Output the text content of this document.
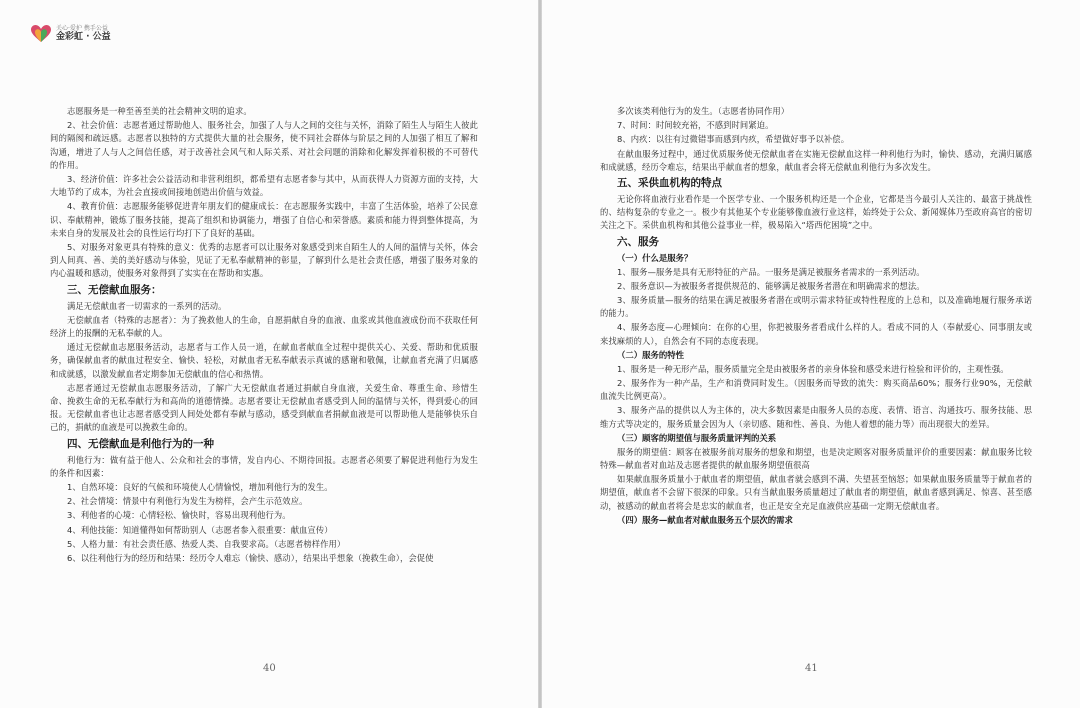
关心·爱护 携手公益
金彩虹 · 公益

志愿服务是一种至善至美的社会精神文明的追求。

2、社会价值：志愿者通过帮助他人、服务社会，加强了人与人之间的交往与关怀，消除了陌生人与陌生人彼此间的隔阂和疏远感。志愿者以独特的方式提供大量的社会服务，使不同社会群体与阶层之间的人加强了相互了解和沟通，增进了人与人之间信任感，对于改善社会风气和人际关系、对社会问题的消除和化解发挥着积极的不可替代的作用。

3、经济价值：许多社会公益活动和非营利组织，都希望有志愿者参与其中，从而获得人力资源方面的支持，大大地节约了成本，为社会直接或间接地创造出价值与效益。

4、教育价值：志愿服务能够促进青年朋友们的健康成长：在志愿服务实践中，丰富了生活体验，培养了公民意识、奉献精神，锻炼了服务技能，提高了组织和协调能力，增强了自信心和荣誉感。素质和能力得到整体提高，为未来自身的发展及社会的良性运行均打下了良好的基础。

5、对服务对象更具有特殊的意义：优秀的志愿者可以让服务对象感受到来自陌生人的人间的温情与关怀，体会到人间真、善、美的美好感动与体验，见证了无私奉献精神的彰显，了解到什么是社会责任感，增强了服务对象的内心温暖和感动，使服务对象得到了实实在在帮助和实惠。

三、无偿献血服务：

满足无偿献血者一切需求的一系列的活动。

无偿献血者（特殊的志愿者）：为了挽救他人的生命，自愿捐献自身的血液、血浆或其他血液成份而不获取任何经济上的报酬的无私奉献的人。

通过无偿献血志愿服务活动，志愿者与工作人员一道，在献血者献血全过程中提供关心、关爱、帮助和优质服务，确保献血者的献血过程安全、愉快、轻松，对献血者无私奉献表示真诚的感谢和敬佩，让献血者充满了归属感和成就感，以激发献血者定期参加无偿献血的信心和热情。

志愿者通过无偿献血志愿服务活动，了解广大无偿献血者通过捐献自身血液，关爱生命、尊重生命、珍惜生命、挽救生命的无私奉献行为和高尚的道德情操。志愿者要让无偿献血者感受到人间的温情与关怀，得到爱心的回报。无偿献血者也让志愿者感受到人间处处都有奉献与感动，感受到献血者捐献血液是可以帮助他人是能够快乐自己的，捐献的血液是可以挽救生命的。

四、无偿献血是利他行为的一种

利他行为：做有益于他人、公众和社会的事情，发自内心、不期待回报。志愿者必须要了解促进利他行为发生的条件和因素：

1、自然环境：良好的气候和环境使人心情愉悦，增加利他行为的发生。

2、社会情境：情景中有利他行为发生为榜样，会产生示范效应。

3、利他者的心境：心情轻松、愉快时，容易出现利他行为。

4、利他技能：知道懂得如何帮助别人（志愿者参入很重要：献血宣传）

5、人格力量：有社会责任感、热爱人类、自我要求高。（志愿者榜样作用）

6、以往利他行为的经历和结果：经历令人难忘（愉快、感动），结果出乎想象（挽救生命），会促使

40

多次该类利他行为的发生。（志愿者协同作用）

7、时间：时间较充裕，不感到时间紧迫。

8、内疚：以往有过微错事而感到内疚，希望做好事予以补偿。

在献血服务过程中，通过优质服务使无偿献血者在实施无偿献血这样一种利他行为时，愉快、感动，充满归属感和成就感，经历令难忘，结果出乎献血者的想象，献血者会将无偿献血利他行为多次发生。

五、采供血机构的特点

无论你将血液行业看作是一个医学专业、一个服务机构还是一个企业，它都是当今最引人关注的、最富于挑战性的、结构复杂的专业之一。极少有其他某个专业能够像血液行业这样，始终处于公众、新闻媒体乃至政府高官的密切关注之下。采供血机构和其他公益事业一样，极易陷入“塔西佗困境”之中。

六、服务
（一）什么是服务？

1、服务—服务是具有无形特征的产品。一服务是满足被服务者需求的一系列活动。

2、服务意识—为被服务者提供规范的、能够满足被服务者潜在和明确需求的想法。

3、服务质量—服务的结果在满足被服务者潜在或明示需求特征或特性程度的上总和，以及准确地履行服务承诺的能力。

4、服务态度—心理倾向：在你的心里，你把被服务者看成什么样的人。看成不同的人（奉献爱心、同事朋友或来找麻烦的人），自然会有不同的态度表现。

（二）服务的特性

1、服务是一种无形产品，服务质量完全是由被服务者的亲身体验和感受来进行检验和评价的，主观性强。

2、服务作为一种产品，生产和消费同时发生。（因服务而导致的流失：购买商品60%；服务行业90%，无偿献血流失比例更高）。

3、服务产品的提供以人为主体的，决大多数因素是由服务人员的态度、表情、语言、沟通技巧、服务技能、思维方式等决定的，服务质量会因为人（亲切感、随和性、善良、为他人着想的能力等）而出现很大的差异。

（三）顾客的期望值与服务质量评判的关系

服务的期望值：顾客在被服务前对服务的想象和期望，也是决定顾客对服务质量评价的重要因素：献血服务比较特殊—献血者对血站及志愿者提供的献血服务期望值很高

如果献血服务质量小于献血者的期望值，献血者就会感到不满、失望甚至恼怒；如果献血服务质量等于献血者的期望值，献血者不会留下很深的印象。只有当献血服务质量超过了献血者的期望值，献血者感到满足、惊喜、甚至感动，被感动的献血者将会是忠实的献血者，也正是安全充足血液供应基础一定期无偿献血者。

（四）服务—献血者对献血服务五个层次的需求
41
